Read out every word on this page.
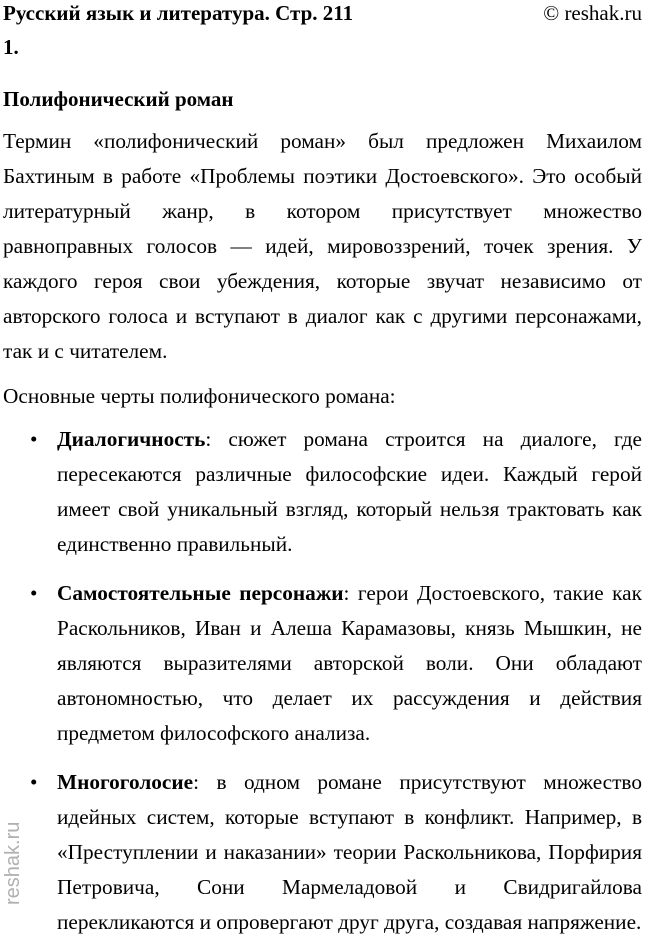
Русский язык и литература. Стр. 211	© reshak.ru
1.
Полифонический роман

Термин «полифонический роман» был предложен Михаилом Бахтиным в работе «Проблемы поэтики Достоевского». Это особый литературный жанр, в котором присутствует множество равноправных голосов — идей, мировоззрений, точек зрения. У каждого героя свои убеждения, которые звучат независимо от авторского голоса и вступают в диалог как с другими персонажами, так и с читателем.

Основные черты полифонического романа:

• Диалогичность: сюжет романа строится на диалоге, где пересекаются различные философские идеи. Каждый герой имеет свой уникальный взгляд, который нельзя трактовать как единственно правильный.
• Самостоятельные персонажи: герои Достоевского, такие как Раскольников, Иван и Алеша Карамазовы, князь Мышкин, не являются выразителями авторской воли. Они обладают автономностью, что делает их рассуждения и действия предметом философского анализа.
• Многоголосие: в одном романе присутствуют множество идейных систем, которые вступают в конфликт. Например, в «Преступлении и наказании» теории Раскольникова, Порфирия Петровича, Сони Мармеладовой и Свидригайлова перекликаются и опровергают друг друга, создавая напряжение.
reshak.ru
